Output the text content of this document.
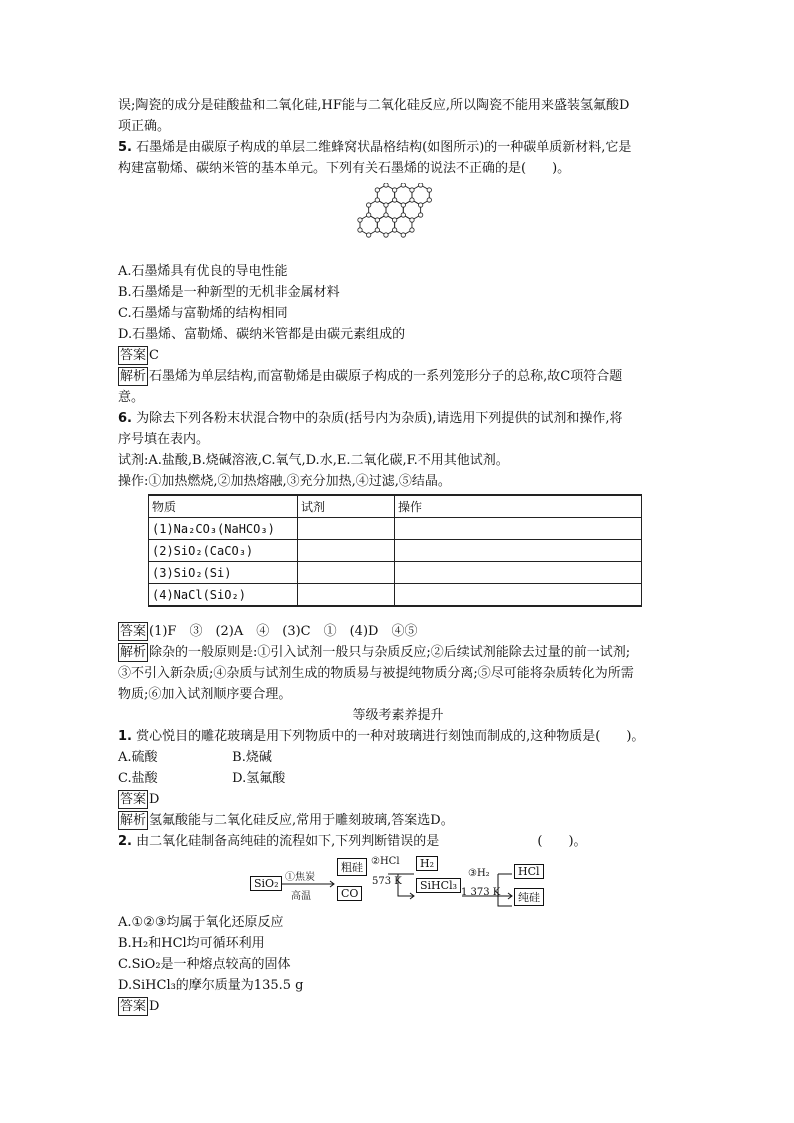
误;陶瓷的成分是硅酸盐和二氧化硅,HF能与二氧化硅反应,所以陶瓷不能用来盛装氢氟酸D
项正确。
5. 石墨烯是由碳原子构成的单层二维蜂窝状晶格结构(如图所示)的一种碳单质新材料,它是
构建富勒烯、碳纳米管的基本单元。下列有关石墨烯的说法不正确的是(　　)。
A.石墨烯具有优良的导电性能
B.石墨烯是一种新型的无机非金属材料
C.石墨烯与富勒烯的结构相同
D.石墨烯、富勒烯、碳纳米管都是由碳元素组成的
答案 C
解析 石墨烯为单层结构,而富勒烯是由碳原子构成的一系列笼形分子的总称,故C项符合题
意。
6. 为除去下列各粉末状混合物中的杂质(括号内为杂质),请选用下列提供的试剂和操作,将
序号填在表内。
试剂:A.盐酸,B.烧碱溶液,C.氧气,D.水,E.二氧化碳,F.不用其他试剂。
操作:①加热燃烧,②加热熔融,③充分加热,④过滤,⑤结晶。
物质	试剂	操作
(1)Na₂CO₃(NaHCO₃)		
(2)SiO₂(CaCO₃)		
(3)SiO₂(Si)		
(4)NaCl(SiO₂)		
答案 (1)F　③　(2)A　④　(3)C　①　(4)D　④⑤
解析 除杂的一般原则是:①引入试剂一般只与杂质反应;②后续试剂能除去过量的前一试剂;
③不引入新杂质;④杂质与试剂生成的物质易与被提纯物质分离;⑤尽可能将杂质转化为所需
物质;⑥加入试剂顺序要合理。
等级考素养提升
1. 赏心悦目的雕花玻璃是用下列物质中的一种对玻璃进行刻蚀而制成的,这种物质是(　　)。
A.硫酸	B.烧碱
C.盐酸	D.氢氟酸
答案 D
解析 氢氟酸能与二氧化硅反应,常用于雕刻玻璃,答案选D。
2. 由二氧化硅制备高纯硅的流程如下,下列判断错误的是	(　　)。
SiO₂ ①焦炭
高温
粗硅
CO
②HCl
573 K
H₂
SiHCl₃
③H₂
1 373 K
HCl
纯硅
A.①②③均属于氧化还原反应
B.H₂和HCl均可循环利用
C.SiO₂是一种熔点较高的固体
D.SiHCl₃的摩尔质量为135.5 g
答案 D
